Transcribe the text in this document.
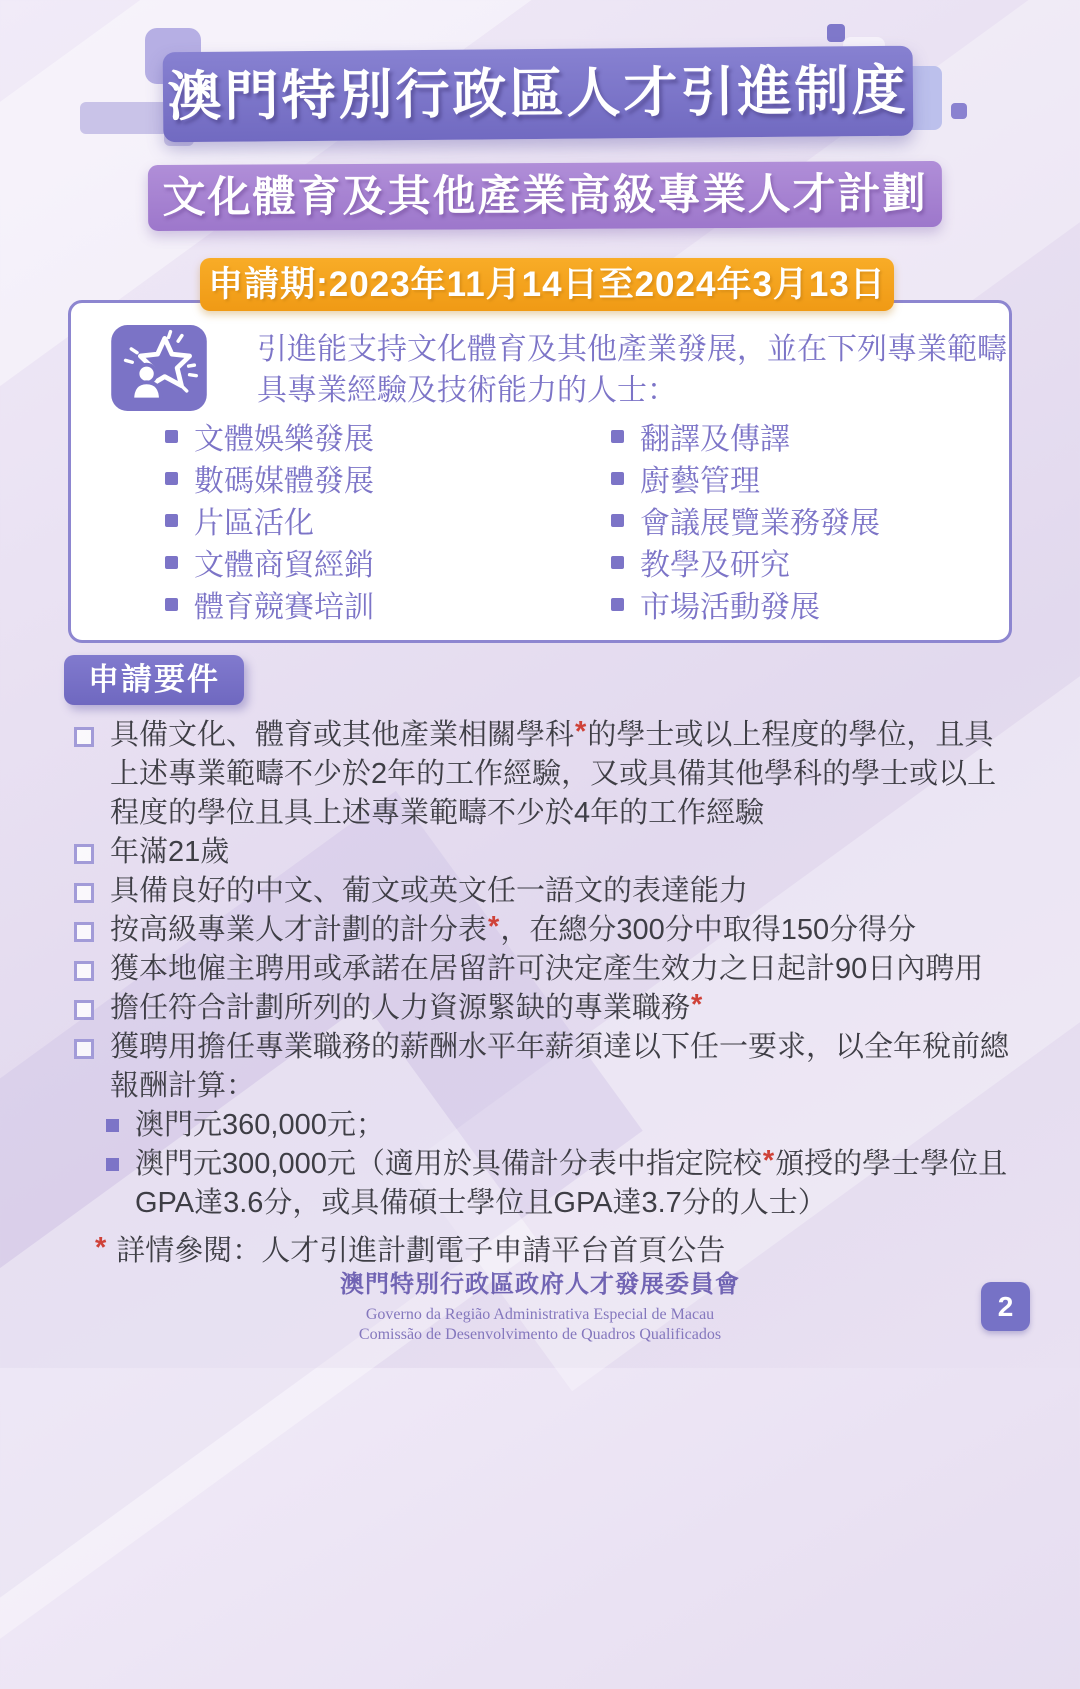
澳門特別行政區人才引進制度
文化體育及其他產業高級專業人才計劃
申請期:2023年11月14日至2024年3月13日
引進能支持文化體育及其他產業發展，並在下列專業範疇
具專業經驗及技術能力的人士：
文體娛樂發展
數碼媒體發展
片區活化
文體商貿經銷
體育競賽培訓
翻譯及傳譯
廚藝管理
會議展覽業務發展
教學及研究
市場活動發展
申請要件
具備文化、體育或其他產業相關學科*的學士或以上程度的學位，且具上述專業範疇不少於2年的工作經驗，又或具備其他學科的學士或以上程度的學位且具上述專業範疇不少於4年的工作經驗
年滿21歲
具備良好的中文、葡文或英文任一語文的表達能力
按高級專業人才計劃的計分表*，在總分300分中取得150分得分
獲本地僱主聘用或承諾在居留許可決定產生效力之日起計90日內聘用
擔任符合計劃所列的人力資源緊缺的專業職務*
獲聘用擔任專業職務的薪酬水平年薪須達以下任一要求，以全年稅前總報酬計算：
澳門元360,000元；
澳門元300,000元（適用於具備計分表中指定院校*頒授的學士學位且GPA達3.6分，或具備碩士學位且GPA達3.7分的人士）
* 詳情參閱：人才引進計劃電子申請平台首頁公告
澳門特別行政區政府人才發展委員會
Governo da Região Administrativa Especial de Macau
Comissão de Desenvolvimento de Quadros Qualificados
2
